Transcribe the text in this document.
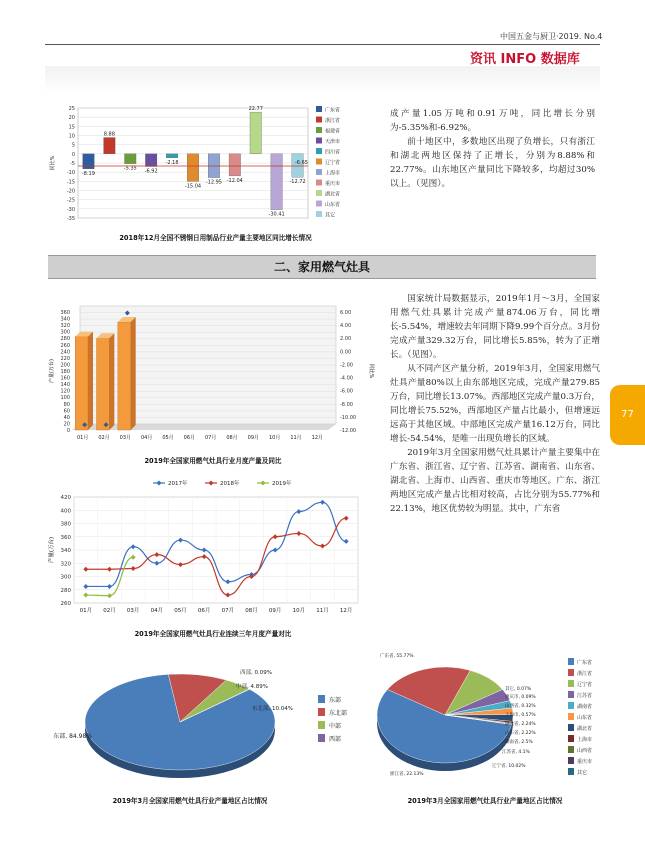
中国五金与厨卫·2019. No.4
资讯 INFO 数据库
25
20
15
10
5
0
-5
-10
-15
-20
-25
-30
-35
同比%
-8.19
8.88
-5.35 -6.92
-2.18
-15.04
-12.95 -12.04
22.77
-30.41
-12.72
-6.65
广东省
浙江省
福建省
天津市
四川省
辽宁省
上海市
重庆市
湖北省
山东省
其它
2018年12月全国不锈钢日用制品行业产量主要地区同比增长情况

成产量1.05万吨和0.91万吨，同比增长分别为-5.35%和-6.92%。

前十地区中，多数地区出现了负增长，只有浙江和湖北两地区保持了正增长，分别为8.88%和22.77%。山东地区产量同比下降较多，均超过30%以上。（见图）。

二、家用燃气灶具
0
20
40
60
80
100
120
140
160
180
200
220
240
260
280
300
320
340
360	6.00
4.00
2.00
0.00
-2.00
-4.00
-6.00
-8.00
-10.00
-12.00
产量(万台)	同比%
01月 02月 03月 04月 05月 06月 07月 08月 09月 10月 11月 12月
2019年全国家用燃气灶具行业月度产量及同比
260
280
300
320
340
360
380
400
420
01月 02月 03月 04月 05月 06月 07月 08月 09月 10月 11月 12月
产量(万台)
2017年	2018年	2019年
2019年全国家用燃气灶具行业连续三年月度产量对比

国家统计局数据显示，2019年1月～3月，全国家用燃气灶具累计完成产量874.06万台，同比增长-5.54%，增速较去年同期下降9.99个百分点。3月份完成产量329.32万台，同比增长5.85%，转为了正增长。（见图）。

从不同产区产量分析，2019年3月，全国家用燃气灶具产量80%以上由东部地区完成，完成产量279.85万台，同比增长13.07%。西部地区完成产量0.3万台，同比增长75.52%，西部地区产量占比最小，但增速远远高于其他区域。中部地区完成产量16.12万台，同比增长-54.54%，是唯一出现负增长的区域。

2019年3月全国家用燃气灶具累计产量主要集中在广东省、浙江省、辽宁省、江苏省、湖南省、山东省、湖北省、上海市、山西省、重庆市等地区。广东、浙江两地区完成产量占比相对较高，占比分别为55.77%和22.13%，地区优势较为明显。其中，广东省

77
东部, 84.98%
东北部, 10.04%
中部, 4.89%
西部, 0.09%
东部
东北部
中部
西部
2019年3月全国家用燃气灶具行业产量地区占比情况
广东省, 55.77%
浙江省, 22.13%
辽宁省, 10.02%
江苏省, 4.1%
湖南省, 2.5%
山东省, 2.22%
湖北省, 2.24%
上海市, 0.57%
山西省, 0.32%
重庆市, 0.09%
其它, 0.07%
广东省
浙江省
辽宁省
江苏省
湖南省
山东省
湖北省
上海市
山西省
重庆市
其它
2019年3月全国家用燃气灶具行业产量地区占比情况
